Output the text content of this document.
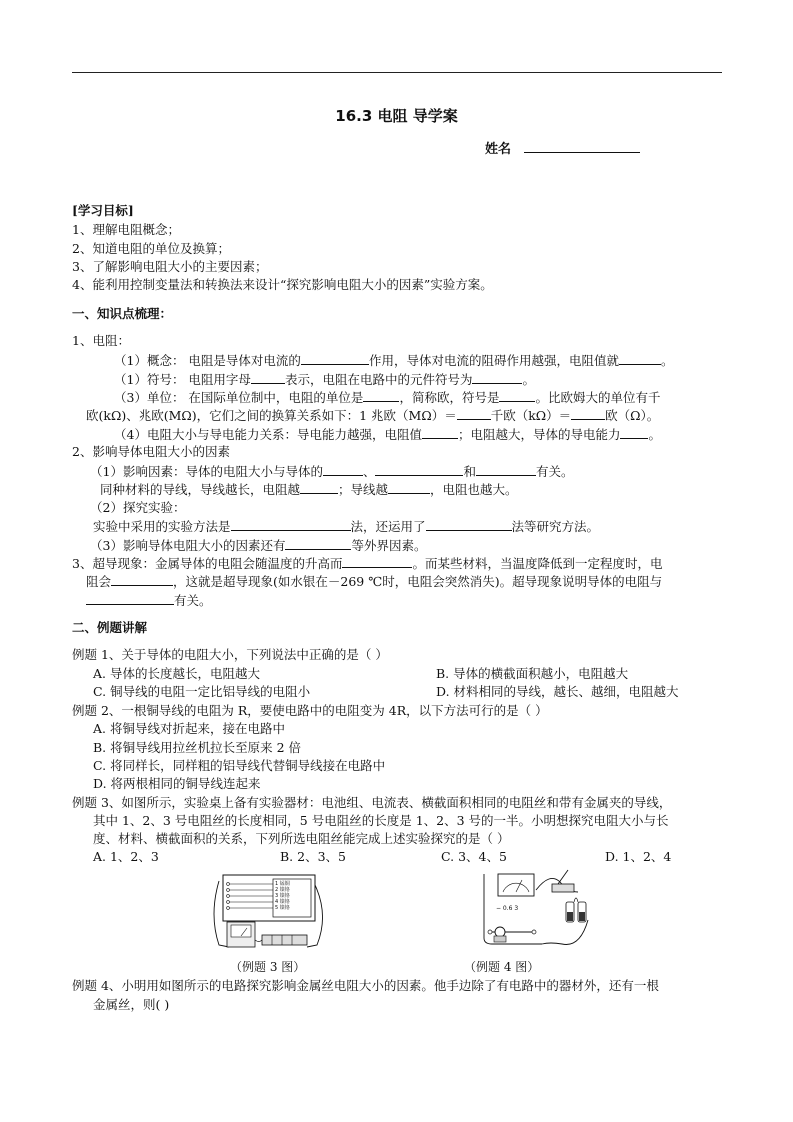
16.3 电阻 导学案
姓名
[学习目标]
1、理解电阻概念；
2、知道电阻的单位及换算；
3、了解影响电阻大小的主要因素；
4、能利用控制变量法和转换法来设计“探究影响电阻大小的因素”实验方案。
一、知识点梳理：
1、电阻：
（1）概念： 电阻是导体对电流的	作用，导体对电流的阻碍作用越强，电阻值就	。
（1）符号： 电阻用字母	表示，电阻在电路中的元件符号为	。
（3）单位： 在国际单位制中，电阻的单位是	，简称欧，符号是	。比欧姆大的单位有千
欧(kΩ)、兆欧(MΩ)，它们之间的换算关系如下：1 兆欧（MΩ）＝	千欧（kΩ）＝	欧（Ω）。
（4）电阻大小与导电能力关系：导电能力越强，电阻值	；电阻越大，导体的导电能力 。
2、影响导体电阻大小的因素
（1）影响因素：导体的电阻大小与导体的	、	和	有关。
同种材料的导线，导线越长，电阻越	；导线越	，电阻也越大。
（2）探究实验：
实验中采用的实验方法是	法，还运用了	法等研究方法。
（3）影响导体电阻大小的因素还有	等外界因素。
3、超导现象：金属导体的电阻会随温度的升高而	。而某些材料，当温度降低到一定程度时，电
阻会	，这就是超导现象(如水银在－269 ℃时，电阻会突然消失)。超导现象说明导体的电阻与
有关。
二、例题讲解
例题 1、关于导体的电阻大小，下列说法中正确的是（ ）
A. 导体的长度越长，电阻越大	B. 导体的横截面积越小，电阻越大
C. 铜导线的电阻一定比铝导线的电阻小	D. 材料相同的导线，越长、越细，电阻越大
例题 2、一根铜导线的电阻为 R，要使电路中的电阻变为 4R，以下方法可行的是（ ）
A. 将铜导线对折起来，接在电路中
B. 将铜导线用拉丝机拉长至原来 2 倍
C. 将同样长，同样粗的铝导线代替铜导线接在电路中
D. 将两根相同的铜导线连起来
例题 3、如图所示，实验桌上备有实验器材：电池组、电流表、横截面积相同的电阻丝和带有金属夹的导线，
其中 1、2、3 号电阻丝的长度相同，5 号电阻丝的长度是 1、2、3 号的一半。小明想探究电阻大小与长
度、材料、横截面积的关系，下列所选电阻丝能完成上述实验探究的是（ ）
A. 1、2、3	B. 2、3、5	C. 3、4、5	D. 1、2、4
1 锰铜
2 镍铬
3 镍铬
4 镍铬
5 镍铬
（例题 3 图）
− 0.6 3
（例题 4 图）
例题 4、小明用如图所示的电路探究影响金属丝电阻大小的因素。他手边除了有电路中的器材外，还有一根
金属丝，则( )
